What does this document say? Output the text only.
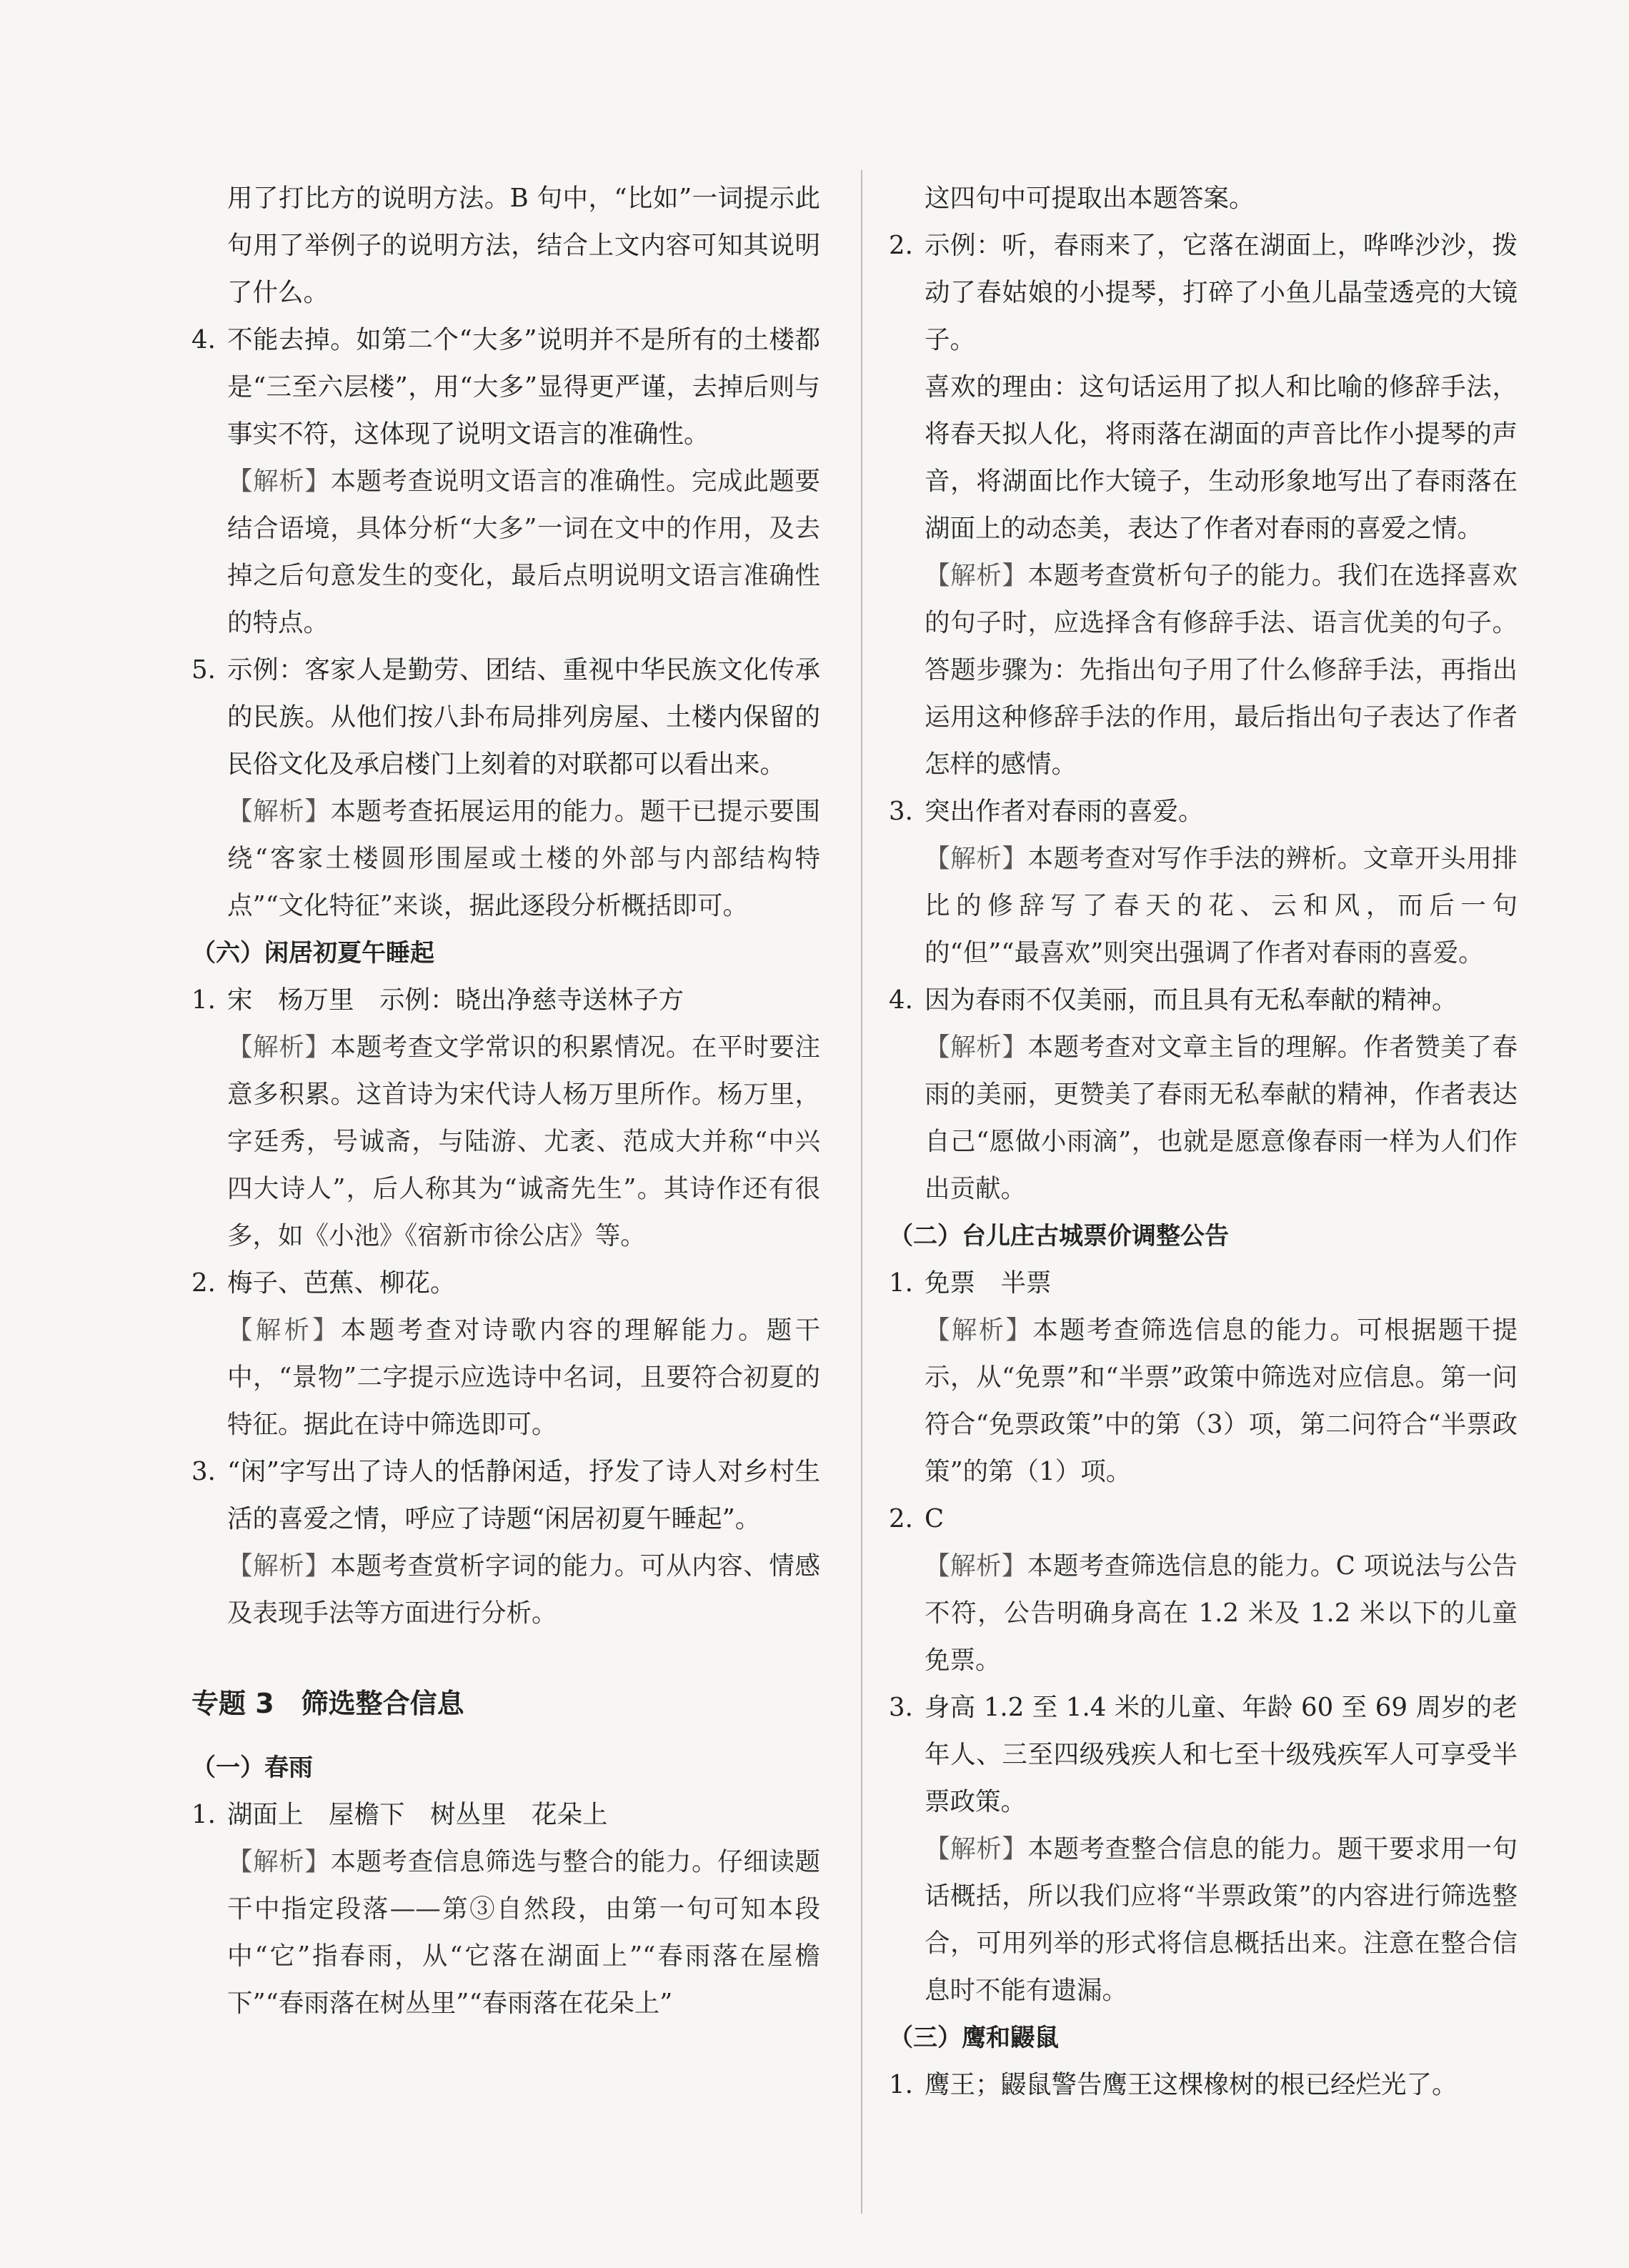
用了打比方的说明方法。B 句中，“比如”一词提示此句用了举例子的说明方法，结合上文内容可知其说明了什么。
4. 不能去掉。如第二个“大多”说明并不是所有的土楼都是“三至六层楼”，用“大多”显得更严谨，去掉后则与事实不符，这体现了说明文语言的准确性。
【解析】本题考查说明文语言的准确性。完成此题要结合语境，具体分析“大多”一词在文中的作用，及去掉之后句意发生的变化，最后点明说明文语言准确性的特点。
5. 示例：客家人是勤劳、团结、重视中华民族文化传承的民族。从他们按八卦布局排列房屋、土楼内保留的民俗文化及承启楼门上刻着的对联都可以看出来。
【解析】本题考查拓展运用的能力。题干已提示要围绕“客家土楼圆形围屋或土楼的外部与内部结构特点”“文化特征”来谈，据此逐段分析概括即可。
（六）闲居初夏午睡起
1. 宋　杨万里　示例：晓出净慈寺送林子方
【解析】本题考查文学常识的积累情况。在平时要注意多积累。这首诗为宋代诗人杨万里所作。杨万里，字廷秀，号诚斋，与陆游、尤袤、范成大并称“中兴四大诗人”，后人称其为“诚斋先生”。其诗作还有很多，如《小池》《宿新市徐公店》等。
2. 梅子、芭蕉、柳花。
【解析】本题考查对诗歌内容的理解能力。题干中，“景物”二字提示应选诗中名词，且要符合初夏的特征。据此在诗中筛选即可。
3. “闲”字写出了诗人的恬静闲适，抒发了诗人对乡村生活的喜爱之情，呼应了诗题“闲居初夏午睡起”。
【解析】本题考查赏析字词的能力。可从内容、情感及表现手法等方面进行分析。
专题 3　筛选整合信息
（一）春雨
1. 湖面上　屋檐下　树丛里　花朵上
【解析】本题考查信息筛选与整合的能力。仔细读题干中指定段落——第③自然段，由第一句可知本段中“它”指春雨，从“它落在湖面上”“春雨落在屋檐下”“春雨落在树丛里”“春雨落在花朵上”
这四句中可提取出本题答案。
2. 示例：听，春雨来了，它落在湖面上，哗哗沙沙，拨动了春姑娘的小提琴，打碎了小鱼儿晶莹透亮的大镜子。
喜欢的理由：这句话运用了拟人和比喻的修辞手法，将春天拟人化，将雨落在湖面的声音比作小提琴的声音，将湖面比作大镜子，生动形象地写出了春雨落在湖面上的动态美，表达了作者对春雨的喜爱之情。
【解析】本题考查赏析句子的能力。我们在选择喜欢的句子时，应选择含有修辞手法、语言优美的句子。答题步骤为：先指出句子用了什么修辞手法，再指出运用这种修辞手法的作用，最后指出句子表达了作者怎样的感情。
3. 突出作者对春雨的喜爱。
【解析】本题考查对写作手法的辨析。文章开头用排比的修辞写了春天的花、云和风，而后一句的“但”“最喜欢”则突出强调了作者对春雨的喜爱。
4. 因为春雨不仅美丽，而且具有无私奉献的精神。
【解析】本题考查对文章主旨的理解。作者赞美了春雨的美丽，更赞美了春雨无私奉献的精神，作者表达自己“愿做小雨滴”，也就是愿意像春雨一样为人们作出贡献。
（二）台儿庄古城票价调整公告
1. 免票　半票
【解析】本题考查筛选信息的能力。可根据题干提示，从“免票”和“半票”政策中筛选对应信息。第一问符合“免票政策”中的第（3）项，第二问符合“半票政策”的第（1）项。
2. C
【解析】本题考查筛选信息的能力。C 项说法与公告不符，公告明确身高在 1.2 米及 1.2 米以下的儿童免票。
3. 身高 1.2 至 1.4 米的儿童、年龄 60 至 69 周岁的老年人、三至四级残疾人和七至十级残疾军人可享受半票政策。
【解析】本题考查整合信息的能力。题干要求用一句话概括，所以我们应将“半票政策”的内容进行筛选整合，可用列举的形式将信息概括出来。注意在整合信息时不能有遗漏。
（三）鹰和鼹鼠
1. 鹰王；鼹鼠警告鹰王这棵橡树的根已经烂光了。
